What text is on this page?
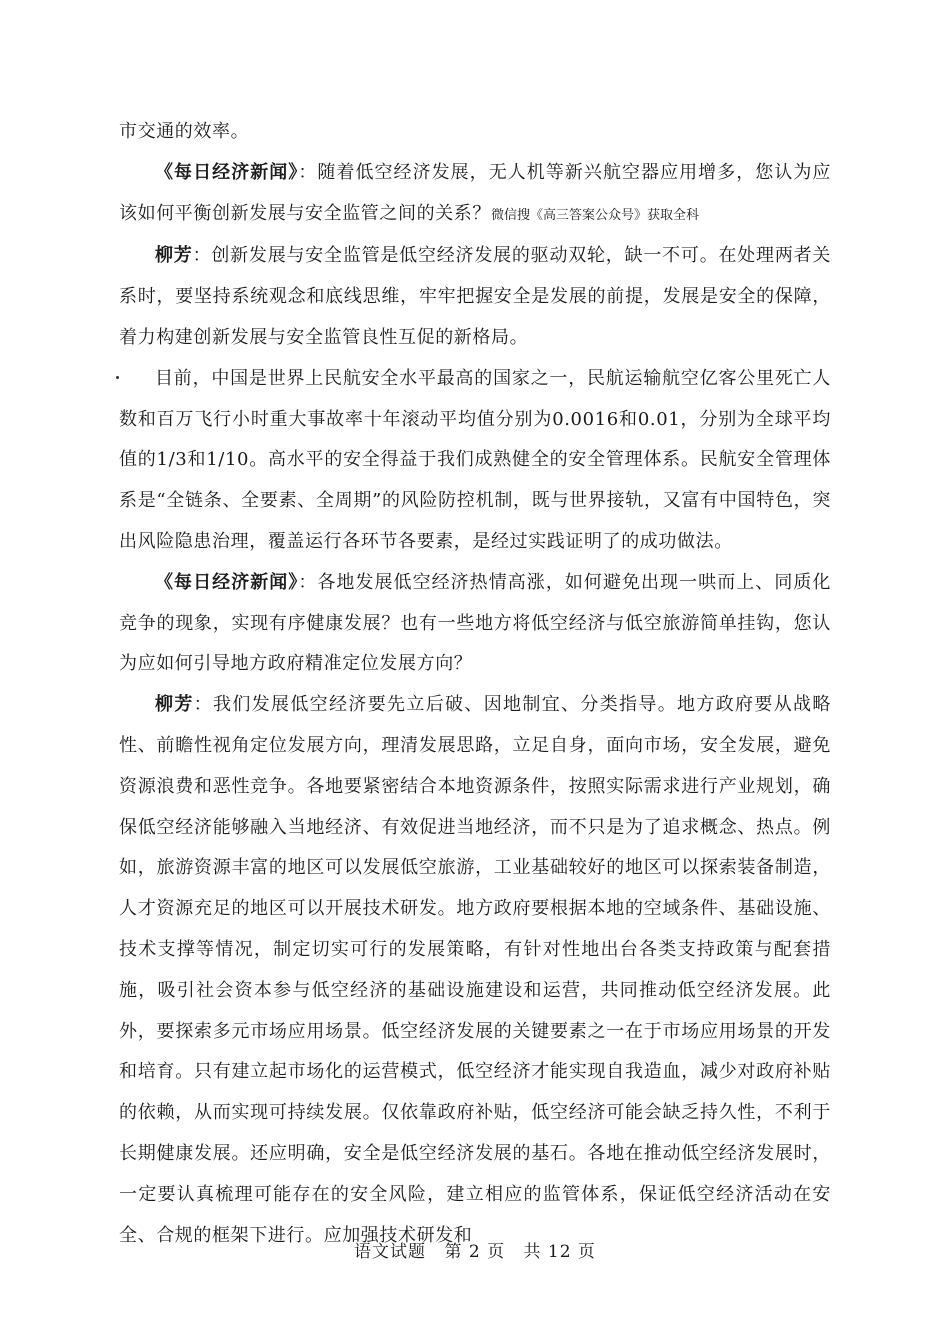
市交通的效率。

《每日经济新闻》：随着低空经济发展，无人机等新兴航空器应用增多，您认为应该如何平衡创新发展与安全监管之间的关系？微信搜《高三答案公众号》获取全科

柳芳：创新发展与安全监管是低空经济发展的驱动双轮，缺一不可。在处理两者关系时，要坚持系统观念和底线思维，牢牢把握安全是发展的前提，发展是安全的保障，着力构建创新发展与安全监管良性互促的新格局。

目前，中国是世界上民航安全水平最高的国家之一，民航运输航空亿客公里死亡人数和百万飞行小时重大事故率十年滚动平均值分别为0.0016和0.01，分别为全球平均值的1/3和1/10。高水平的安全得益于我们成熟健全的安全管理体系。民航安全管理体系是“全链条、全要素、全周期”的风险防控机制，既与世界接轨，又富有中国特色，突出风险隐患治理，覆盖运行各环节各要素，是经过实践证明了的成功做法。

《每日经济新闻》：各地发展低空经济热情高涨，如何避免出现一哄而上、同质化竞争的现象，实现有序健康发展？也有一些地方将低空经济与低空旅游简单挂钩，您认为应如何引导地方政府精准定位发展方向？

柳芳：我们发展低空经济要先立后破、因地制宜、分类指导。地方政府要从战略性、前瞻性视角定位发展方向，理清发展思路，立足自身，面向市场，安全发展，避免资源浪费和恶性竞争。各地要紧密结合本地资源条件，按照实际需求进行产业规划，确保低空经济能够融入当地经济、有效促进当地经济，而不只是为了追求概念、热点。例如，旅游资源丰富的地区可以发展低空旅游，工业基础较好的地区可以探索装备制造，人才资源充足的地区可以开展技术研发。地方政府要根据本地的空域条件、基础设施、技术支撑等情况，制定切实可行的发展策略，有针对性地出台各类支持政策与配套措施，吸引社会资本参与低空经济的基础设施建设和运营，共同推动低空经济发展。此外，要探索多元市场应用场景。低空经济发展的关键要素之一在于市场应用场景的开发和培育。只有建立起市场化的运营模式，低空经济才能实现自我造血，减少对政府补贴的依赖，从而实现可持续发展。仅依靠政府补贴，低空经济可能会缺乏持久性，不利于长期健康发展。还应明确，安全是低空经济发展的基石。各地在推动低空经济发展时，一定要认真梳理可能存在的安全风险，建立相应的监管体系，保证低空经济活动在安全、合规的框架下进行。应加强技术研发和

语文试题 第 2 页 共 12 页
